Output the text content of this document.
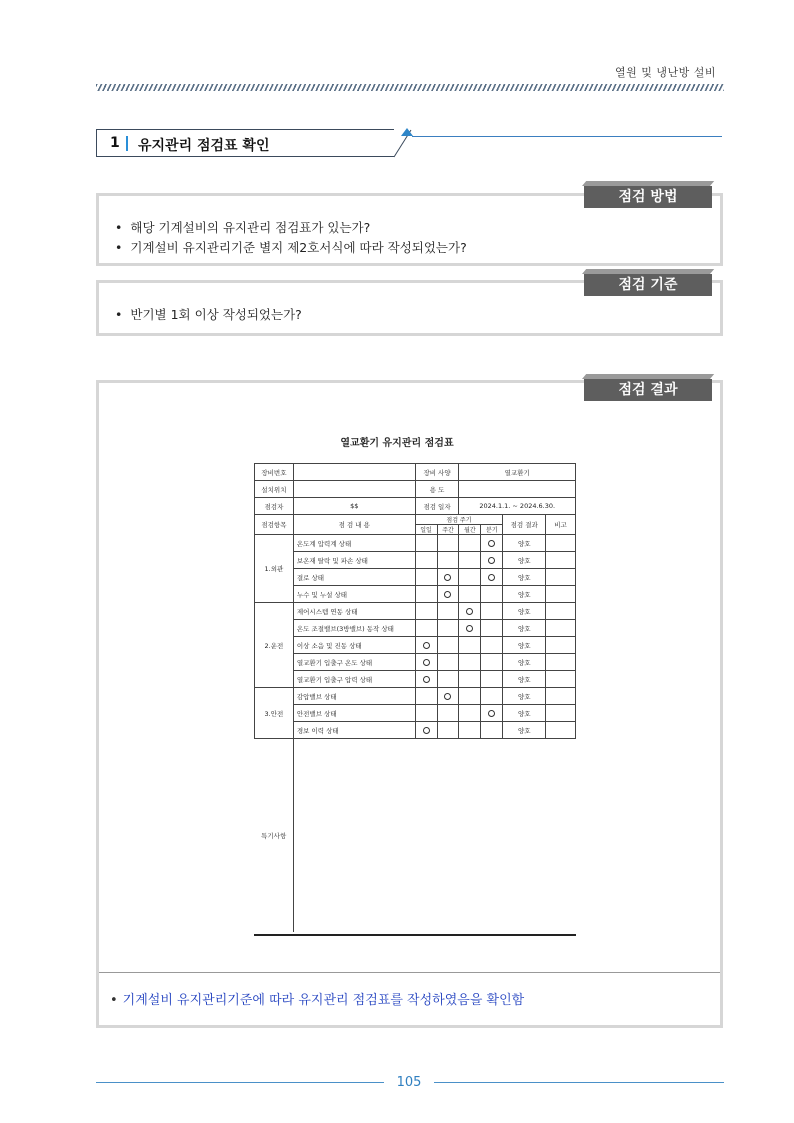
열원 및 냉난방 설비
1 유지관리 점검표 확인
• 해당 기계설비의 유지관리 점검표가 있는가?
• 기계설비 유지관리기준 별지 제2호서식에 따라 작성되었는가?
점검 방법
• 반기별 1회 이상 작성되었는가?
점검 기준
점검 결과
열교환기 유지관리 점검표
장비번호		장비 사양		열교환기			
설치위치		용 도					
점검자	$$	점검 일자		2024.1.1. ~ 2024.6.30.			
점검항목	점 검 내 용	점검 주기				점검 결과	비고
		일일	주간	월간	분기		
1.외관	온도계 압력계 상태					양호	
	보온재 탈락 및 파손 상태					양호	
	결로 상태					양호	
	누수 및 누설 상태					양호	
2.운전	제어시스템 연동 상태					양호	
	온도 조절밸브(3방밸브) 동작 상태					양호	
	이상 소음 및 진동 상태					양호	
	열교환기 입출구 온도 상태					양호	
	열교환기 입출구 압력 상태					양호	
3.안전	감압밸브 상태					양호	
	안전밸브 상태					양호	
	경보 이력 상태					양호	
특기사항							
• 기계설비 유지관리기준에 따라 유지관리 점검표를 작성하였음을 확인함
105
